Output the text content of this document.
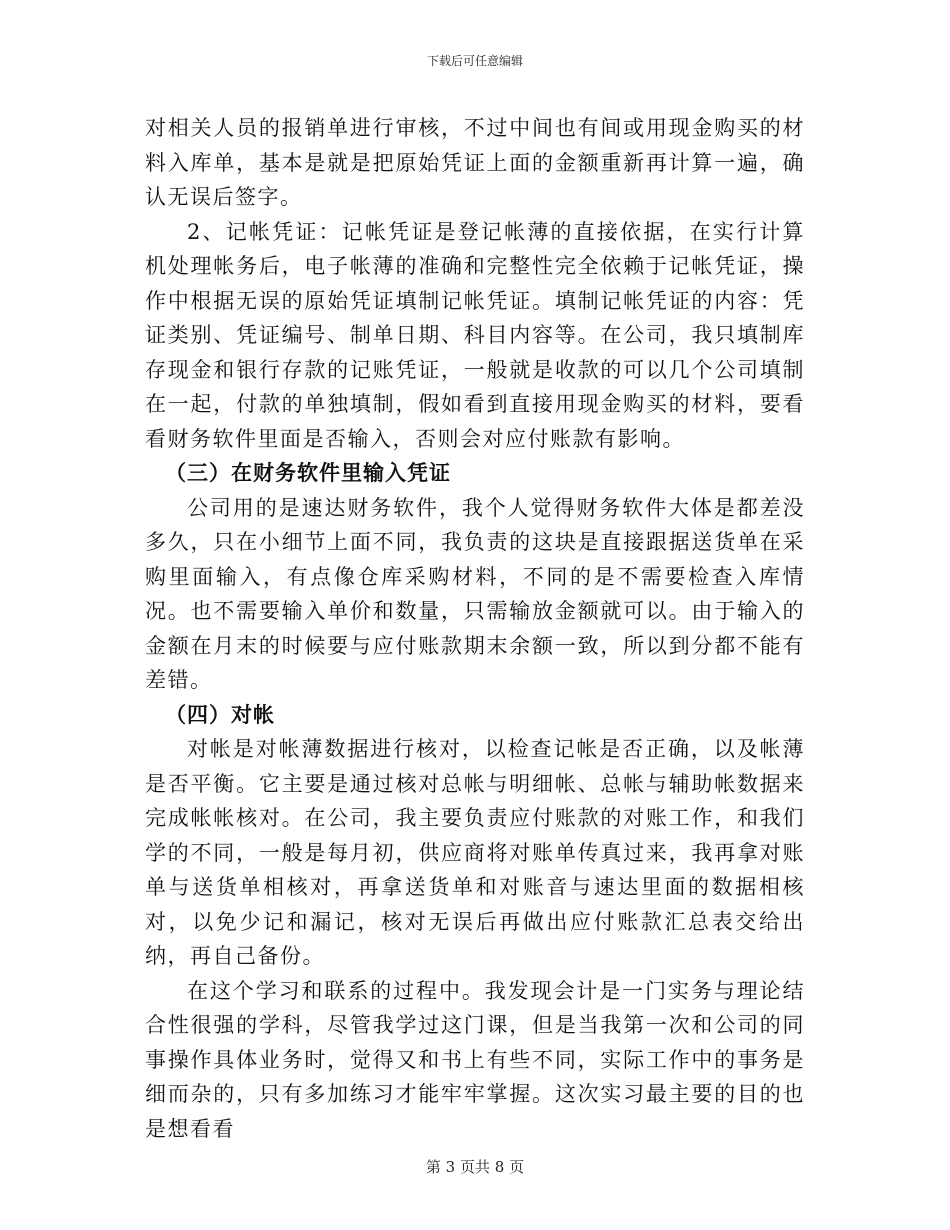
下载后可任意编辑

对相关人员的报销单进行审核，不过中间也有间或用现金购买的材料入库单，基本是就是把原始凭证上面的金额重新再计算一遍，确认无误后签字。

2、记帐凭证：记帐凭证是登记帐薄的直接依据，在实行计算机处理帐务后，电子帐薄的准确和完整性完全依赖于记帐凭证，操作中根据无误的原始凭证填制记帐凭证。填制记帐凭证的内容：凭证类别、凭证编号、制单日期、科目内容等。在公司，我只填制库存现金和银行存款的记账凭证，一般就是收款的可以几个公司填制在一起，付款的单独填制，假如看到直接用现金购买的材料，要看看财务软件里面是否输入，否则会对应付账款有影响。

（三）在财务软件里输入凭证

公司用的是速达财务软件，我个人觉得财务软件大体是都差没多久，只在小细节上面不同，我负责的这块是直接跟据送货单在采购里面输入，有点像仓库采购材料，不同的是不需要检查入库情况。也不需要输入单价和数量，只需输放金额就可以。由于输入的金额在月末的时候要与应付账款期末余额一致，所以到分都不能有差错。

（四）对帐

对帐是对帐薄数据进行核对，以检查记帐是否正确，以及帐薄是否平衡。它主要是通过核对总帐与明细帐、总帐与辅助帐数据来完成帐帐核对。在公司，我主要负责应付账款的对账工作，和我们学的不同，一般是每月初，供应商将对账单传真过来，我再拿对账单与送货单相核对，再拿送货单和对账音与速达里面的数据相核对，以免少记和漏记，核对无误后再做出应付账款汇总表交给出纳，再自己备份。

在这个学习和联系的过程中。我发现会计是一门实务与理论结合性很强的学科，尽管我学过这门课，但是当我第一次和公司的同事操作具体业务时，觉得又和书上有些不同，实际工作中的事务是细而杂的，只有多加练习才能牢牢掌握。这次实习最主要的目的也是想看看

第 3 页共 8 页
